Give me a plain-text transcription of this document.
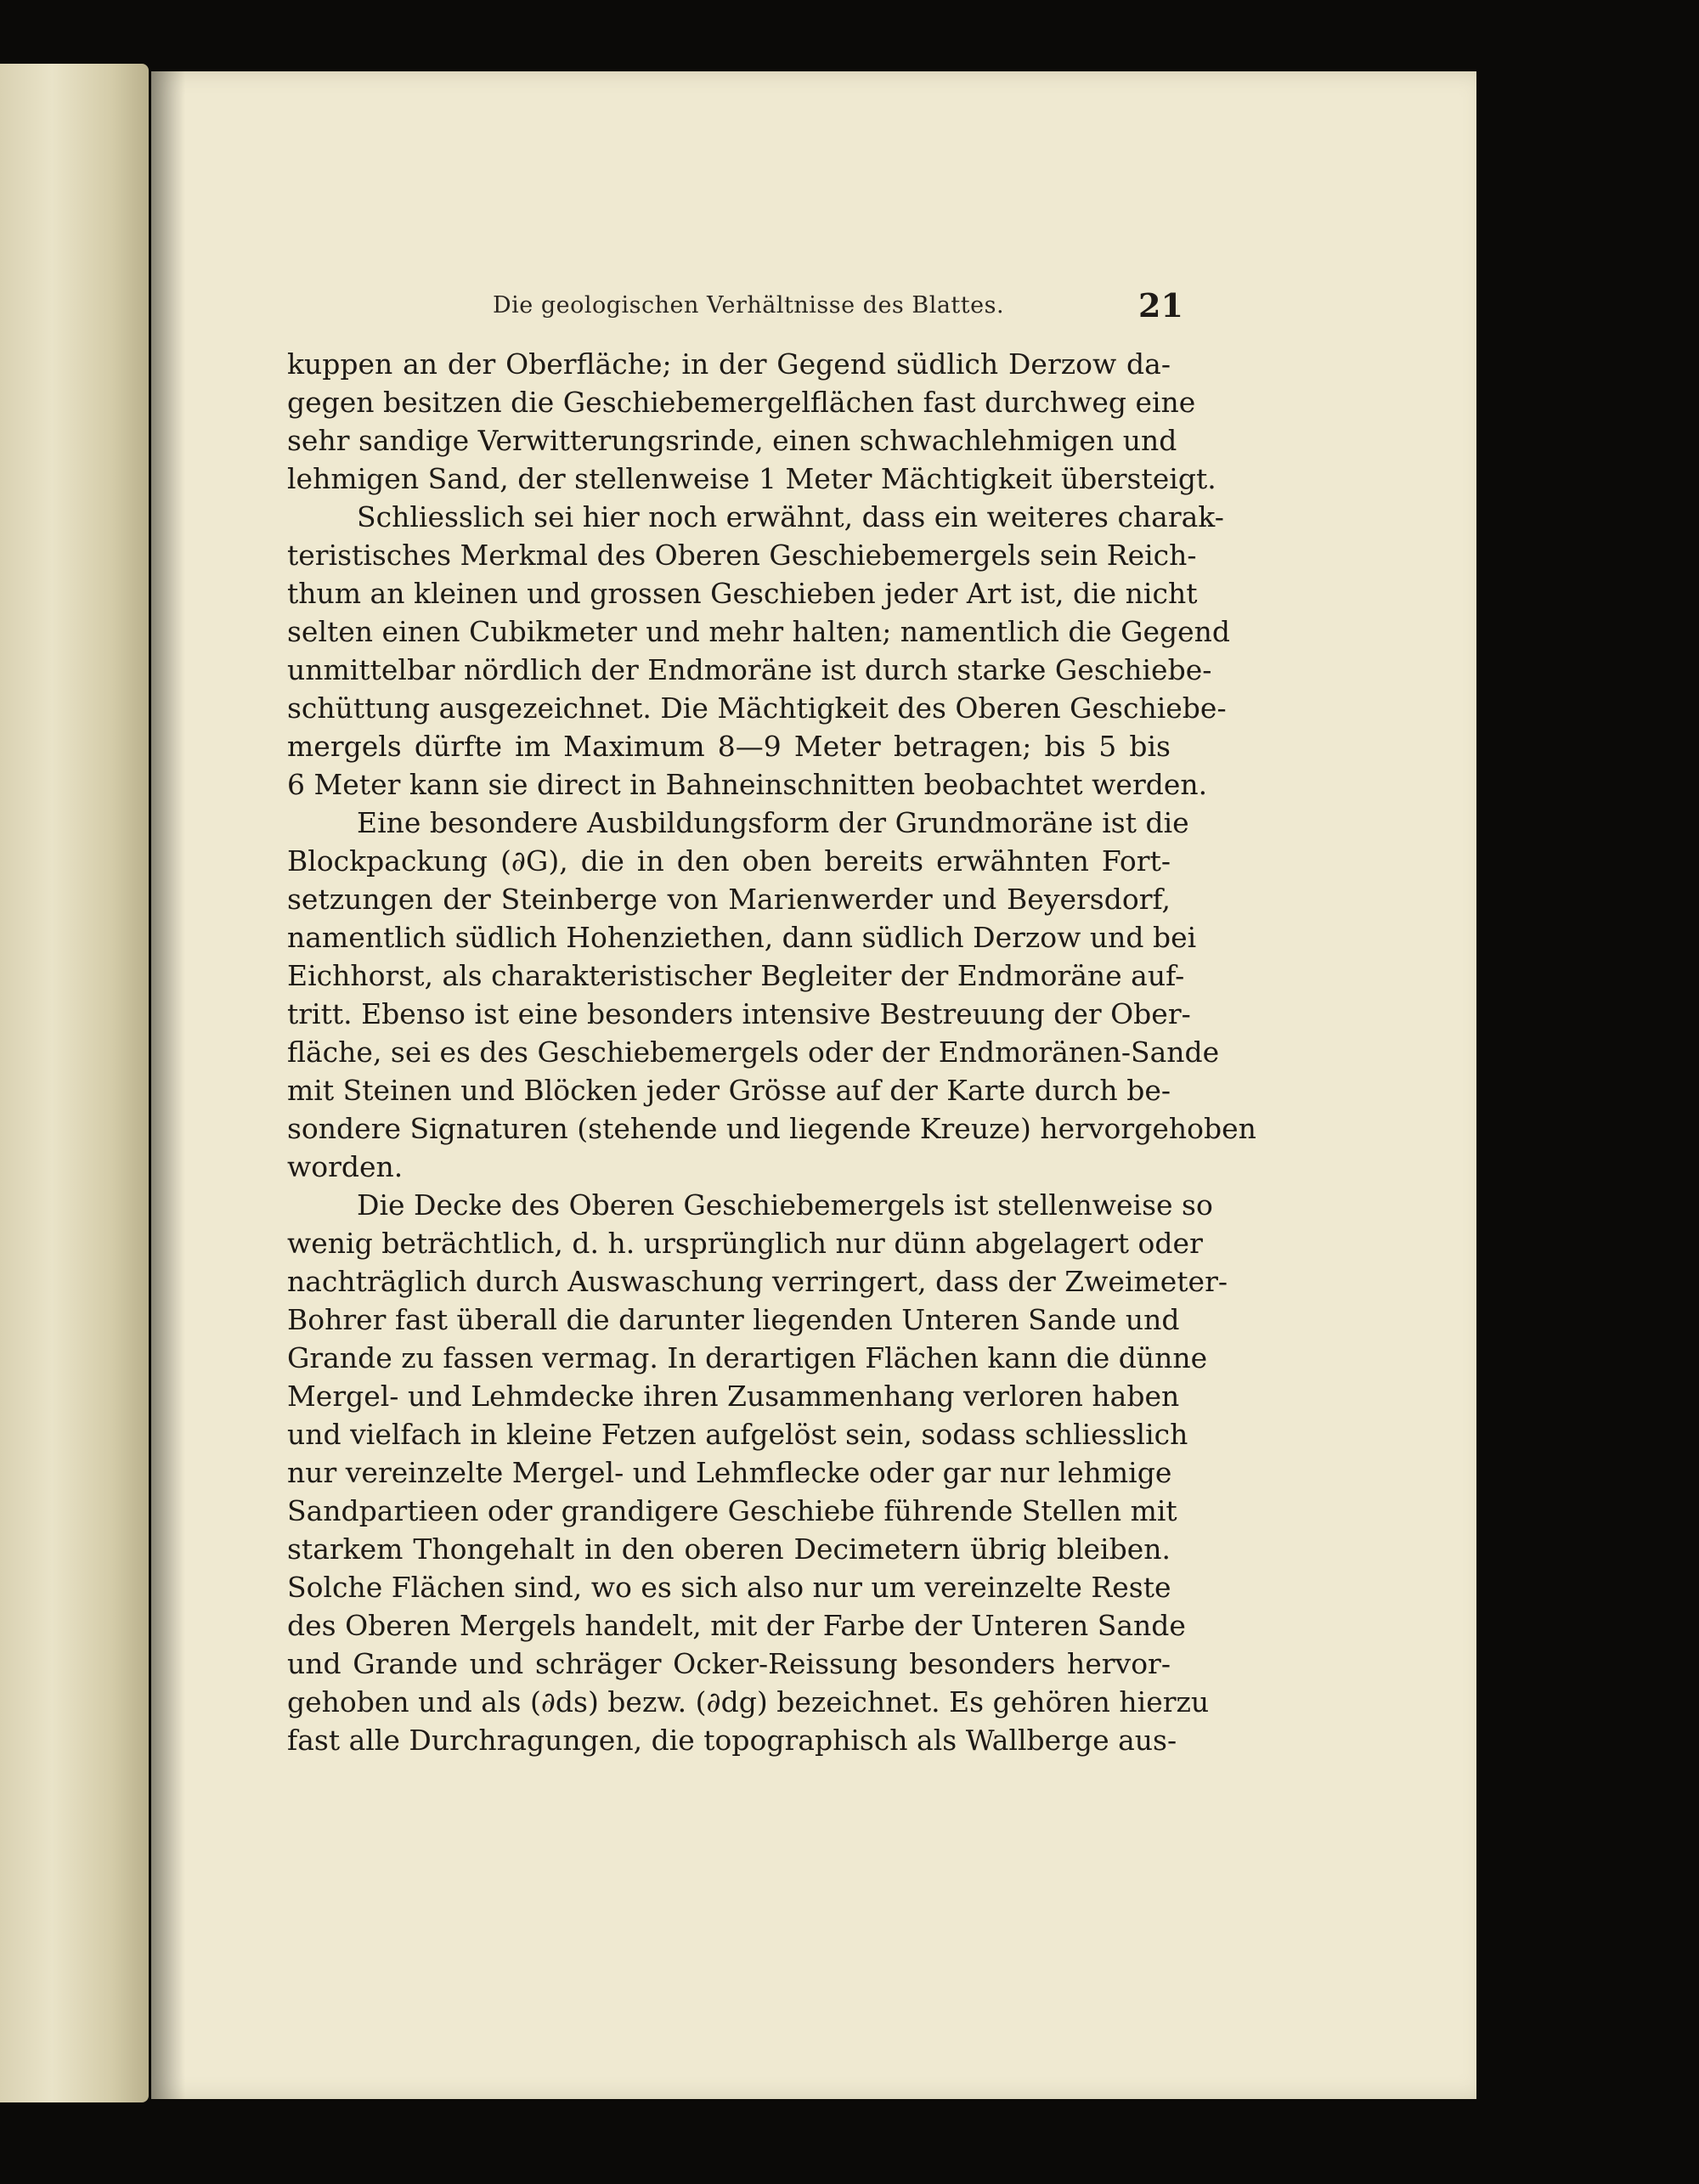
Die geologischen Verhältnisse des Blattes.	21
kuppen an der Oberfläche; in der Gegend südlich Derzow da-
gegen besitzen die Geschiebemergelflächen fast durchweg eine
sehr sandige Verwitterungsrinde, einen schwachlehmigen und
lehmigen Sand, der stellenweise 1 Meter Mächtigkeit übersteigt.
Schliesslich sei hier noch erwähnt, dass ein weiteres charak-
teristisches Merkmal des Oberen Geschiebemergels sein Reich-
thum an kleinen und grossen Geschieben jeder Art ist, die nicht
selten einen Cubikmeter und mehr halten; namentlich die Gegend
unmittelbar nördlich der Endmoräne ist durch starke Geschiebe-
schüttung ausgezeichnet. Die Mächtigkeit des Oberen Geschiebe-
mergels dürfte im Maximum 8—9 Meter betragen; bis 5 bis
6 Meter kann sie direct in Bahneinschnitten beobachtet werden.
Eine besondere Ausbildungsform der Grundmoräne ist die
Blockpackung (∂G), die in den oben bereits erwähnten Fort-
setzungen der Steinberge von Marienwerder und Beyersdorf,
namentlich südlich Hohenziethen, dann südlich Derzow und bei
Eichhorst, als charakteristischer Begleiter der Endmoräne auf-
tritt. Ebenso ist eine besonders intensive Bestreuung der Ober-
fläche, sei es des Geschiebemergels oder der Endmoränen-Sande
mit Steinen und Blöcken jeder Grösse auf der Karte durch be-
sondere Signaturen (stehende und liegende Kreuze) hervorgehoben
worden.
Die Decke des Oberen Geschiebemergels ist stellenweise so
wenig beträchtlich, d. h. ursprünglich nur dünn abgelagert oder
nachträglich durch Auswaschung verringert, dass der Zweimeter-
Bohrer fast überall die darunter liegenden Unteren Sande und
Grande zu fassen vermag. In derartigen Flächen kann die dünne
Mergel- und Lehmdecke ihren Zusammenhang verloren haben
und vielfach in kleine Fetzen aufgelöst sein, sodass schliesslich
nur vereinzelte Mergel- und Lehmflecke oder gar nur lehmige
Sandpartieen oder grandigere Geschiebe führende Stellen mit
starkem Thongehalt in den oberen Decimetern übrig bleiben.
Solche Flächen sind, wo es sich also nur um vereinzelte Reste
des Oberen Mergels handelt, mit der Farbe der Unteren Sande
und Grande und schräger Ocker-Reissung besonders hervor-
gehoben und als (∂ds) bezw. (∂dg) bezeichnet. Es gehören hierzu
fast alle Durchragungen, die topographisch als Wallberge aus-
